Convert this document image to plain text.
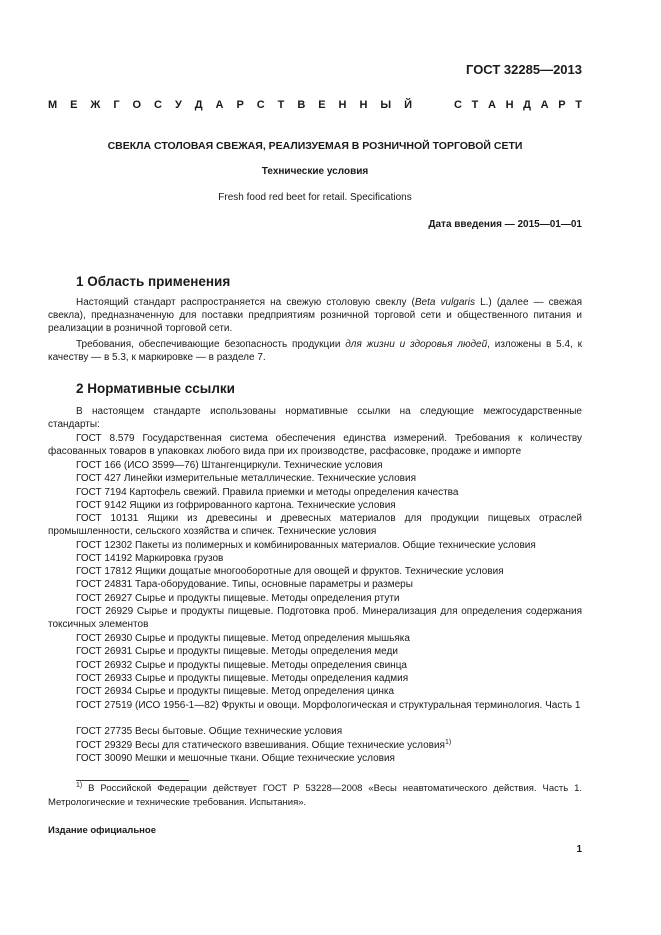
ГОСТ 32285—2013
М Е Ж Г О С У Д А Р С Т В Е Н Н Ы Й	С Т А Н Д А Р Т
СВЕКЛА СТОЛОВАЯ СВЕЖАЯ, РЕАЛИЗУЕМАЯ В РОЗНИЧНОЙ ТОРГОВОЙ СЕТИ
Технические условия
Fresh food red beet for retail. Specifications
Дата введения — 2015—01—01
1 Область применения

Настоящий стандарт распространяется на свежую столовую свеклу (Beta vulgaris L.) (далее — свежая свекла), предназначенную для поставки предприятиям розничной торговой сети и общественного питания и реализации в розничной торговой сети.

Требования, обеспечивающие безопасность продукции для жизни и здоровья людей, изложены в 5.4, к качеству — в 5.3, к маркировке — в разделе 7.

2 Нормативные ссылки

В настоящем стандарте использованы нормативные ссылки на следующие межгосударственные стандарты:

ГОСТ 8.579 Государственная система обеспечения единства измерений. Требования к количеству фасованных товаров в упаковках любого вида при их производстве, расфасовке, продаже и импорте

ГОСТ 166 (ИСО 3599—76) Штангенциркули. Технические условия

ГОСТ 427 Линейки измерительные металлические. Технические условия

ГОСТ 7194 Картофель свежий. Правила приемки и методы определения качества

ГОСТ 9142 Ящики из гофрированного картона. Технические условия

ГОСТ 10131 Ящики из древесины и древесных материалов для продукции пищевых отраслей промышленности, сельского хозяйства и спичек. Технические условия

ГОСТ 12302 Пакеты из полимерных и комбинированных материалов. Общие технические условия

ГОСТ 14192 Маркировка грузов

ГОСТ 17812 Ящики дощатые многооборотные для овощей и фруктов. Технические условия

ГОСТ 24831 Тара-оборудование. Типы, основные параметры и размеры

ГОСТ 26927 Сырье и продукты пищевые. Методы определения ртути

ГОСТ 26929 Сырье и продукты пищевые. Подготовка проб. Минерализация для определения содержания токсичных элементов

ГОСТ 26930 Сырье и продукты пищевые. Метод определения мышьяка

ГОСТ 26931 Сырье и продукты пищевые. Методы определения меди

ГОСТ 26932 Сырье и продукты пищевые. Методы определения свинца

ГОСТ 26933 Сырье и продукты пищевые. Методы определения кадмия

ГОСТ 26934 Сырье и продукты пищевые. Метод определения цинка

ГОСТ 27519 (ИСО 1956-1—82) Фрукты и овощи. Морфологическая и структуральная терминология. Часть 1

ГОСТ 27735 Весы бытовые. Общие технические условия

ГОСТ 29329 Весы для статического взвешивания. Общие технические условия$^{1)}$

ГОСТ 30090 Мешки и мешочные ткани. Общие технические условия

$^{1)}$ В Российской Федерации действует ГОСТ Р 53228—2008 «Весы неавтоматического действия. Часть 1. Метрологические и технические требования. Испытания».

Издание официальное
1
